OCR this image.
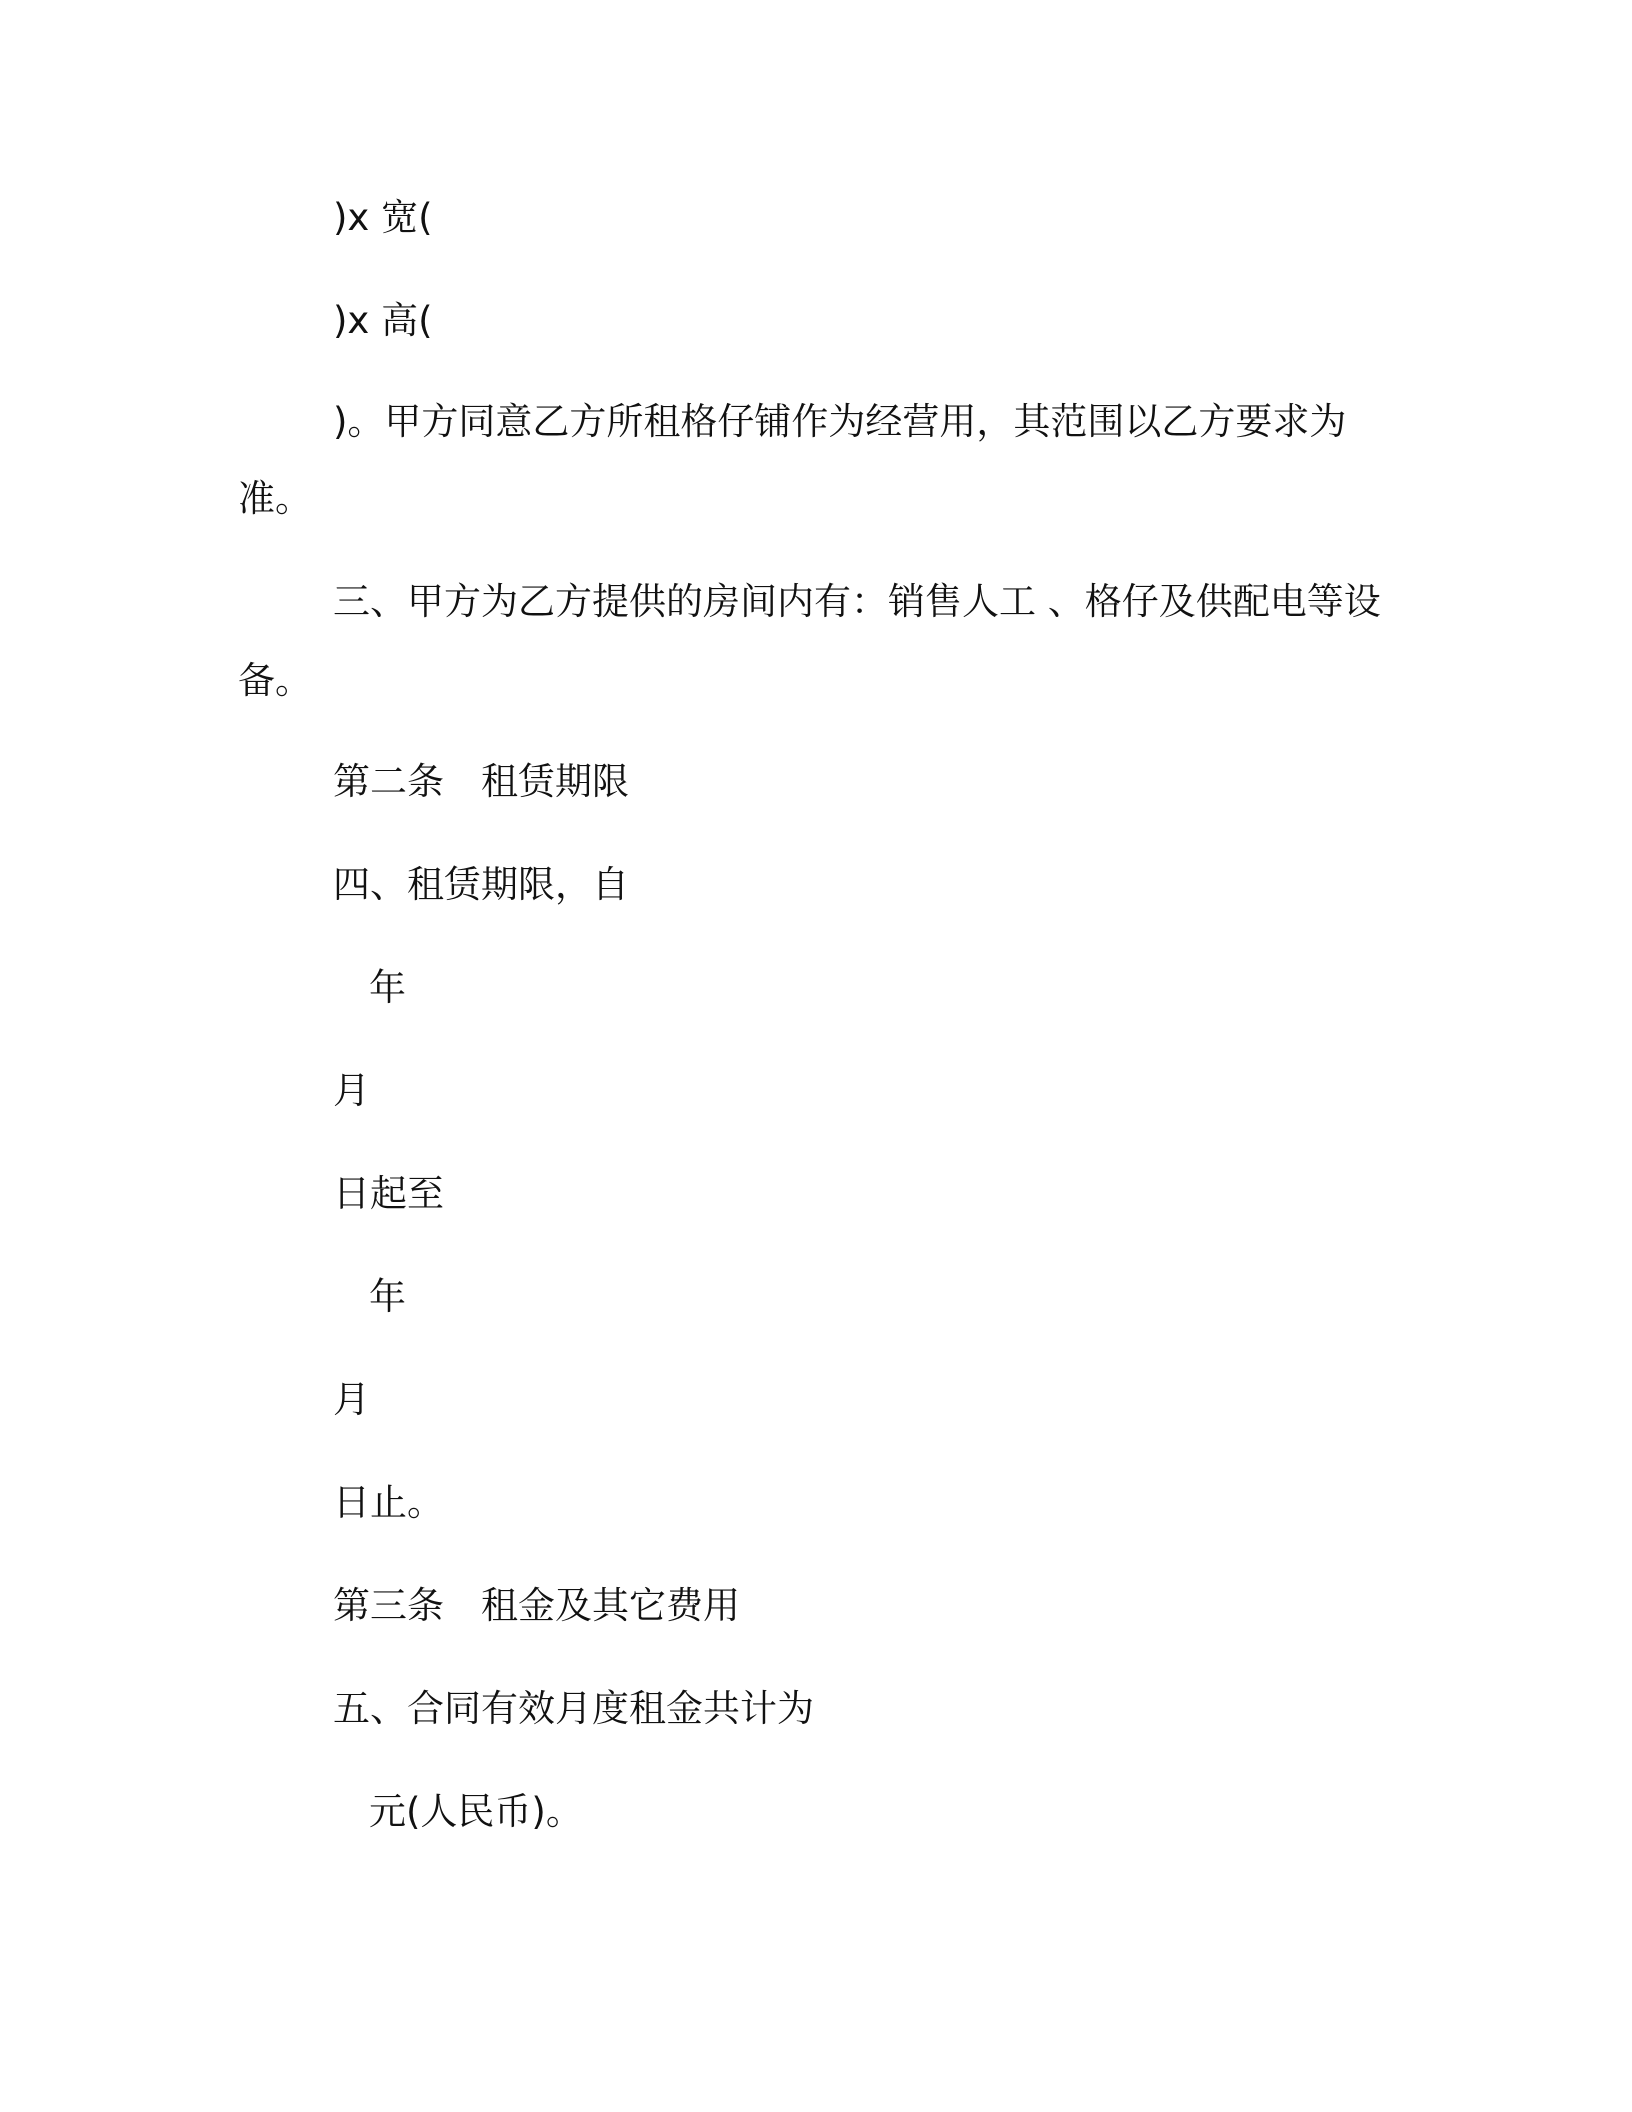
)x 宽(
)x 高(
)。甲方同意乙方所租格仔铺作为经营用，其范围以乙方要求为
准。
三、甲方为乙方提供的房间内有：销售人工 、格仔及供配电等设
备。
第二条　租赁期限
四、租赁期限，自
年
月
日起至
年
月
日止。
第三条　租金及其它费用
五、合同有效月度租金共计为
元(人民币)。
